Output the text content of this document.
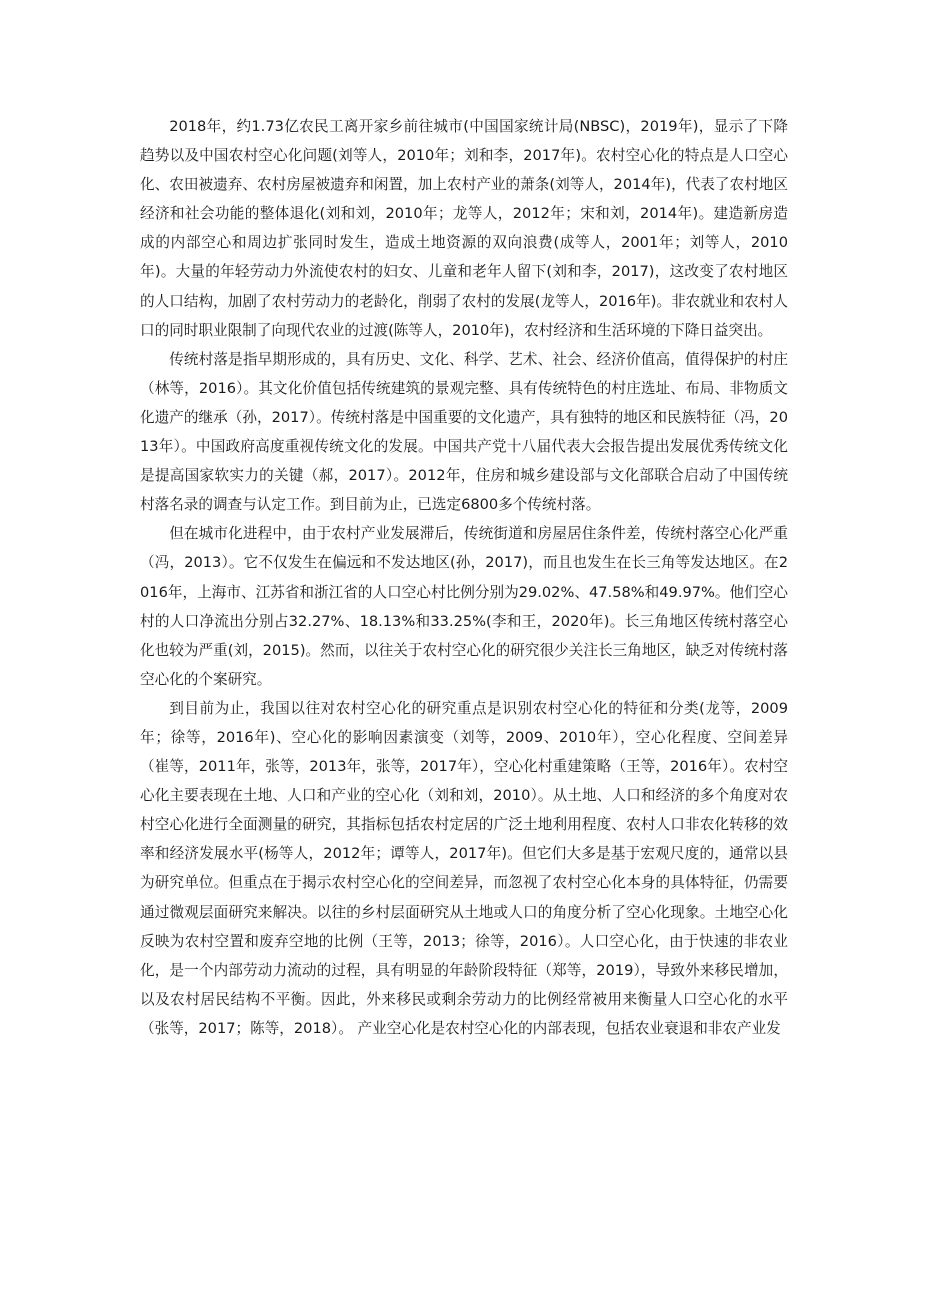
2018年，约1.73亿农民工离开家乡前往城市(中国国家统计局(NBSC)，2019年)，显示了下降趋势以及中国农村空心化问题(刘等人，2010年；刘和李，2017年)。农村空心化的特点是人口空心化、农田被遗弃、农村房屋被遗弃和闲置，加上农村产业的萧条(刘等人，2014年)，代表了农村地区经济和社会功能的整体退化(刘和刘，2010年；龙等人，2012年；宋和刘，2014年)。建造新房造成的内部空心和周边扩张同时发生，造成土地资源的双向浪费(成等人，2001年；刘等人，2010年)。大量的年轻劳动力外流使农村的妇女、儿童和老年人留下(刘和李，2017)，这改变了农村地区的人口结构，加剧了农村劳动力的老龄化，削弱了农村的发展(龙等人，2016年)。非农就业和农村人口的同时职业限制了向现代农业的过渡(陈等人，2010年)，农村经济和生活环境的下降日益突出。

传统村落是指早期形成的，具有历史、文化、科学、艺术、社会、经济价值高，值得保护的村庄（林等，2016）。其文化价值包括传统建筑的景观完整、具有传统特色的村庄选址、布局、非物质文化遗产的继承（孙，2017）。传统村落是中国重要的文化遗产，具有独特的地区和民族特征（冯，2013年）。中国政府高度重视传统文化的发展。中国共产党十八届代表大会报告提出发展优秀传统文化是提高国家软实力的关键（郝，2017）。2012年，住房和城乡建设部与文化部联合启动了中国传统村落名录的调查与认定工作。到目前为止，已选定6800多个传统村落。

但在城市化进程中，由于农村产业发展滞后，传统街道和房屋居住条件差，传统村落空心化严重（冯，2013）。它不仅发生在偏远和不发达地区(孙，2017)，而且也发生在长三角等发达地区。在2016年，上海市、江苏省和浙江省的人口空心村比例分别为29.02%、47.58%和49.97%。他们空心村的人口净流出分别占32.27%、18.13%和33.25%(李和王，2020年)。长三角地区传统村落空心化也较为严重(刘，2015)。然而，以往关于农村空心化的研究很少关注长三角地区，缺乏对传统村落空心化的个案研究。

到目前为止，我国以往对农村空心化的研究重点是识别农村空心化的特征和分类(龙等，2009年；徐等，2016年)、空心化的影响因素演变（刘等，2009、2010年），空心化程度、空间差异（崔等，2011年，张等，2013年，张等，2017年），空心化村重建策略（王等，2016年）。农村空心化主要表现在土地、人口和产业的空心化（刘和刘，2010）。从土地、人口和经济的多个角度对农村空心化进行全面测量的研究，其指标包括农村定居的广泛土地利用程度、农村人口非农化转移的效率和经济发展水平(杨等人，2012年；谭等人，2017年)。但它们大多是基于宏观尺度的，通常以县为研究单位。但重点在于揭示农村空心化的空间差异，而忽视了农村空心化本身的具体特征，仍需要通过微观层面研究来解决。以往的乡村层面研究从土地或人口的角度分析了空心化现象。土地空心化反映为农村空置和废弃空地的比例（王等，2013；徐等，2016）。人口空心化，由于快速的非农业化，是一个内部劳动力流动的过程，具有明显的年龄阶段特征（郑等，2019），导致外来移民增加，以及农村居民结构不平衡。因此，外来移民或剩余劳动力的比例经常被用来衡量人口空心化的水平（张等，2017；陈等，2018）。 产业空心化是农村空心化的内部表现，包括农业衰退和非农产业发
